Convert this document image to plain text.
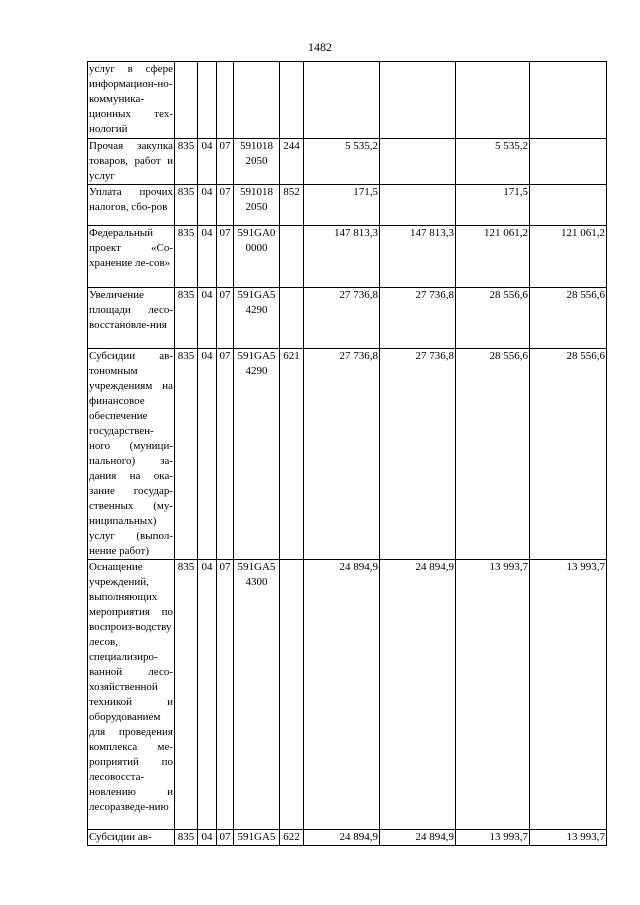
1482
услуг в сфере информацион-но-коммуника-ционных тех-нологий									
Прочая закупка товаров, работ и услуг	835	04	07	591018 2050	244	5 535,2		5 535,2	
Уплата прочих налогов, сбо-ров	835	04	07	591018 2050	852	171,5		171,5	
Федеральный проект «Со-хранение ле-сов»	835	04	07	591GA0 0000		147 813,3	147 813,3	121 061,2	121 061,2
Увеличение площади лесо-восстановле-ния	835	04	07	591GA5 4290		27 736,8	27 736,8	28 556,6	28 556,6
Субсидии ав-тономным учреждениям на финансовое обеспечение государствен-ного (муници-пального) за-дания на ока-зание государ-ственных (му-ниципальных) услуг (выпол-нение работ)	835	04	07	591GA5 4290	621	27 736,8	27 736,8	28 556,6	28 556,6
Оснащение учреждений, выполняющих мероприятия по воспроиз-водству лесов, специализиро-ванной лесо-хозяйственной техникой и оборудованием для проведения комплекса ме-роприятий по лесовосста-новлению и лесоразведе-нию	835	04	07	591GA5 4300		24 894,9	24 894,9	13 993,7	13 993,7
Субсидии ав-	835	04	07	591GA5	622	24 894,9	24 894,9	13 993,7	13 993,7
